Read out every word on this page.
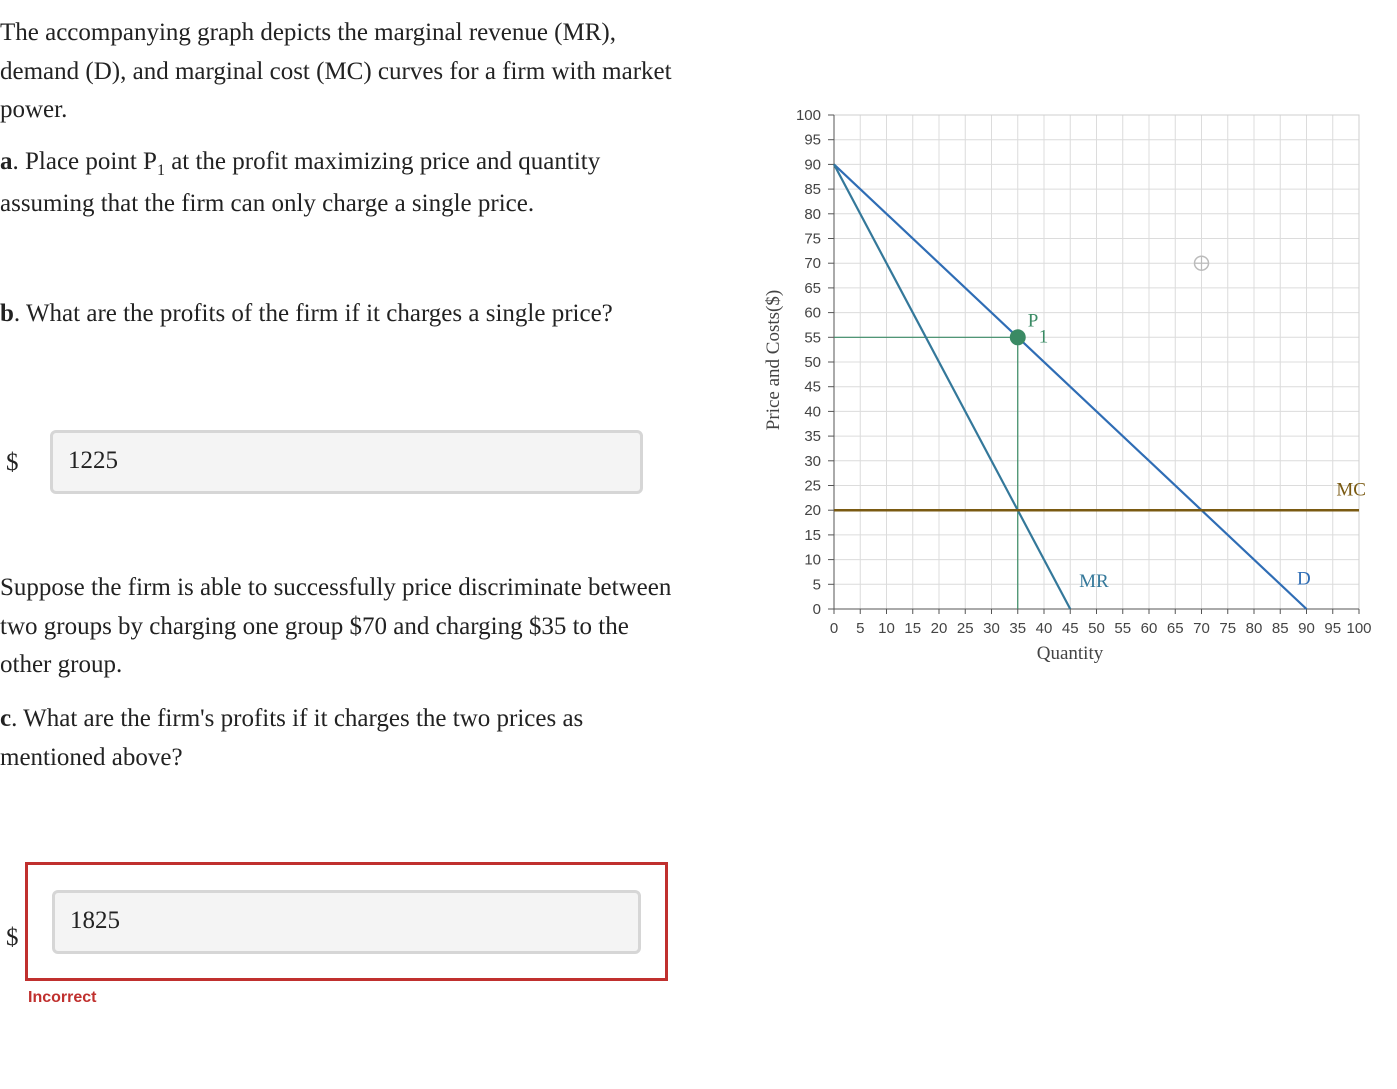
The accompanying graph depicts the marginal revenue (MR), demand (D), and marginal cost (MC) curves for a firm with market power.

a. Place point $P_1$ at the profit maximizing price and quantity assuming that the firm can only charge a single price.

b. What are the profits of the firm if it charges a single price?

$	1225

Suppose the firm is able to successfully price discriminate between two groups by charging one group $70 and charging $35 to the other group.

c. What are the firm's profits if it charges the two prices as mentioned above?

$
1825
Incorrect
0
5
10
15
20
25
30
35
40
45
50
55
60
65
70
75
80
85
90
95
100
0 5 10 15 20 25 30 35 40 45 50 55 60 65 70 75 80 85 90 95 100
P
1
D
MR
MC
Price and Costs($)
Quantity
